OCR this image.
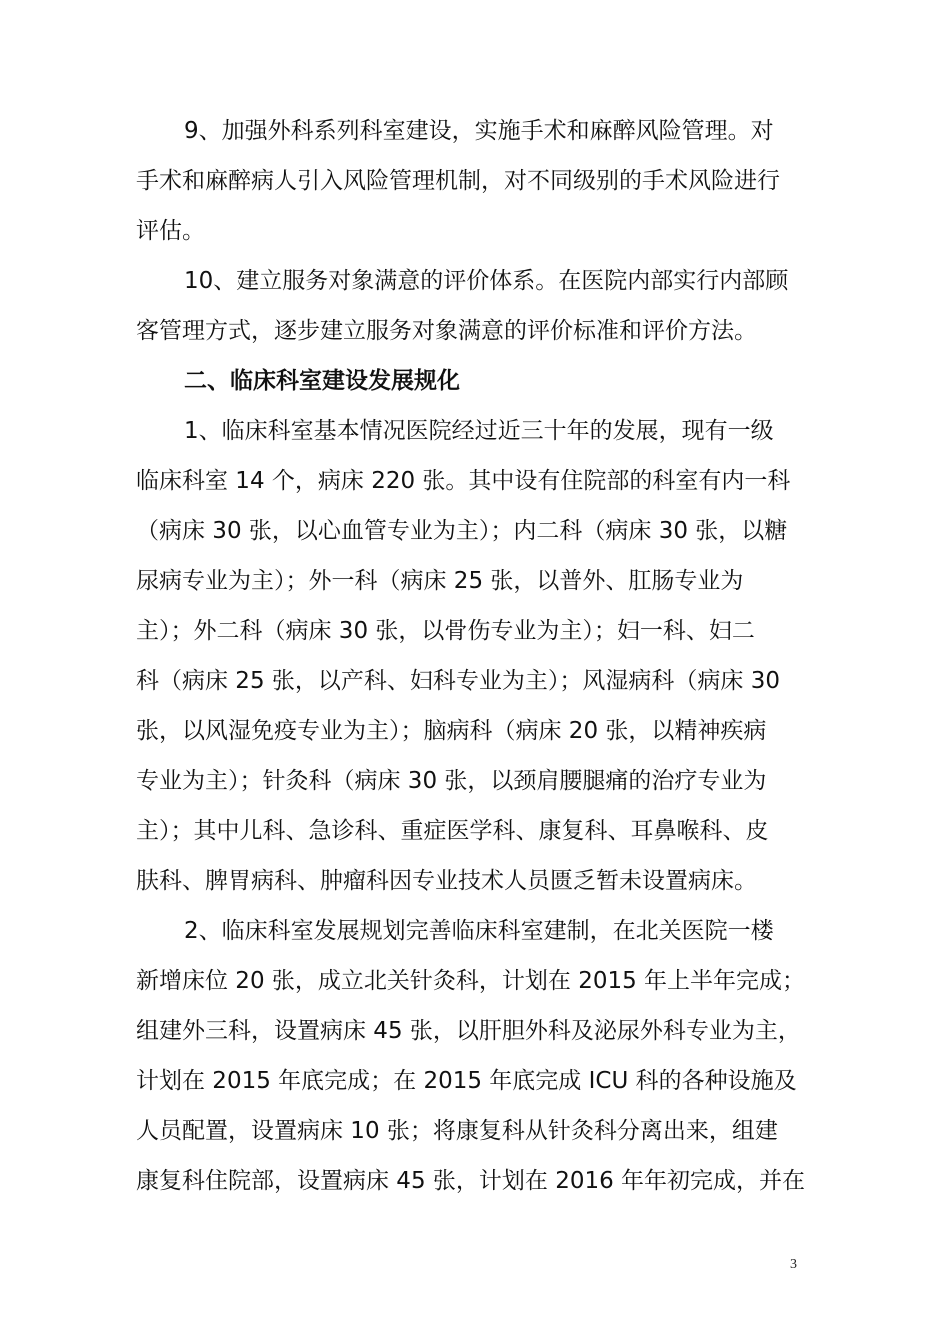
9、加强外科系列科室建设，实施手术和麻醉风险管理。对
手术和麻醉病人引入风险管理机制，对不同级别的手术风险进行
评估。
10、建立服务对象满意的评价体系。在医院内部实行内部顾
客管理方式，逐步建立服务对象满意的评价标准和评价方法。
二、临床科室建设发展规化
1、临床科室基本情况医院经过近三十年的发展，现有一级
临床科室 14 个，病床 220 张。其中设有住院部的科室有内一科
（病床 30 张，以心血管专业为主）；内二科（病床 30 张，以糖
尿病专业为主）；外一科（病床 25 张，以普外、肛肠专业为
主）；外二科（病床 30 张，以骨伤专业为主）；妇一科、妇二
科（病床 25 张，以产科、妇科专业为主）；风湿病科（病床 30
张，以风湿免疫专业为主）；脑病科（病床 20 张，以精神疾病
专业为主）；针灸科（病床 30 张，以颈肩腰腿痛的治疗专业为
主）；其中儿科、急诊科、重症医学科、康复科、耳鼻喉科、皮
肤科、脾胃病科、肿瘤科因专业技术人员匮乏暂未设置病床。
2、临床科室发展规划完善临床科室建制，在北关医院一楼
新增床位 20 张，成立北关针灸科，计划在 2015 年上半年完成；
组建外三科，设置病床 45 张，以肝胆外科及泌尿外科专业为主，
计划在 2015 年底完成；在 2015 年底完成 ICU 科的各种设施及
人员配置，设置病床 10 张；将康复科从针灸科分离出来，组建
康复科住院部，设置病床 45 张，计划在 2016 年年初完成，并在
3
